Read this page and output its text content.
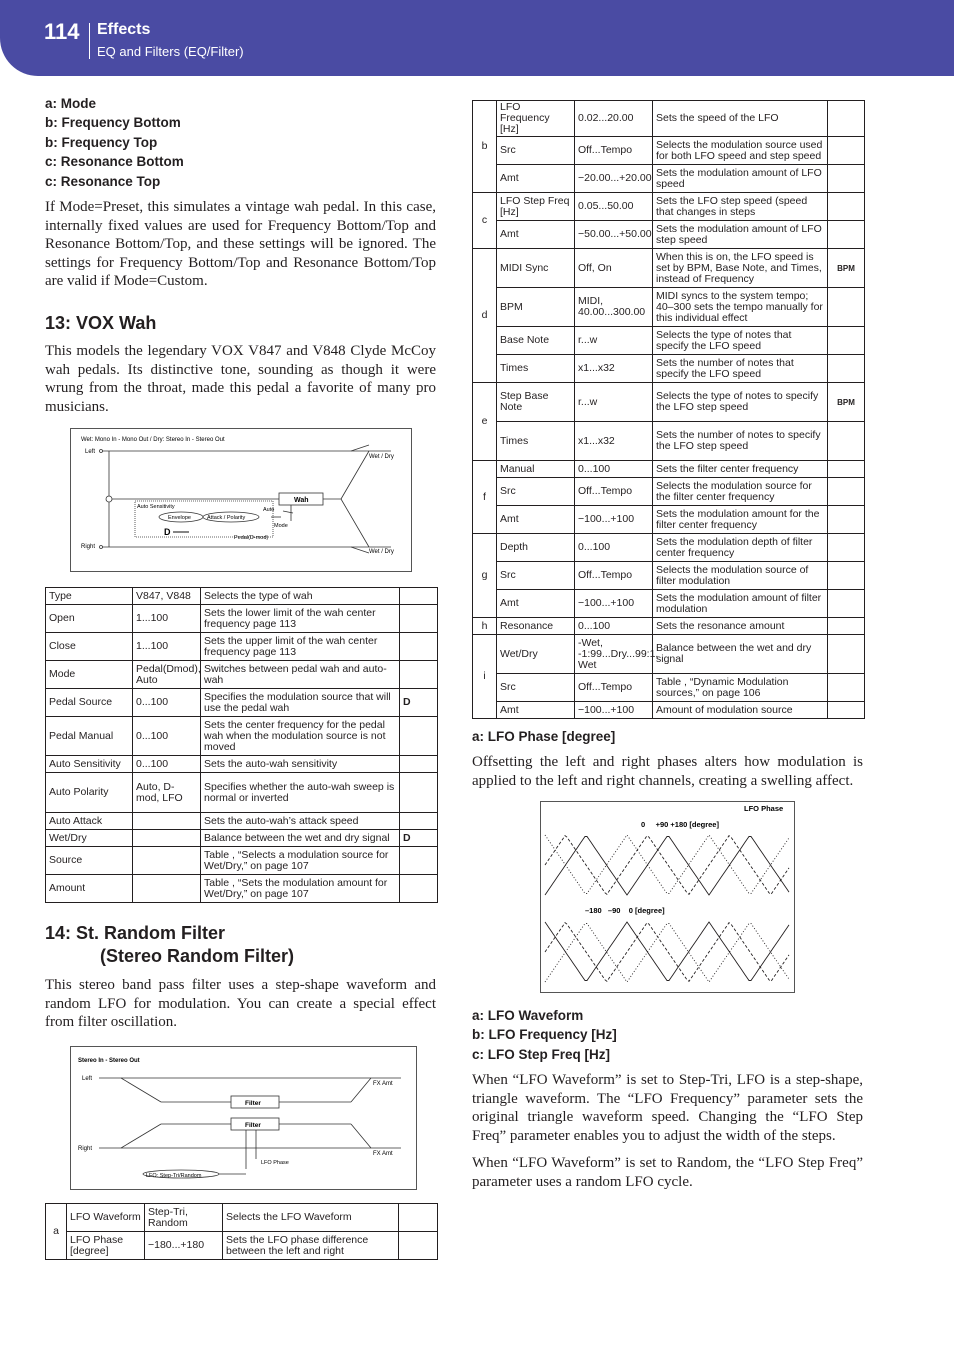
114 Effects
EQ and Filters (EQ/Filter)
a: Mode
b: Frequency Bottom
b: Frequency Top
c: Resonance Bottom
c: Resonance Top

If Mode=Preset, this simulates a vintage wah pedal. In this case, internally fixed values are used for Frequency Bottom/Top and Resonance Bottom/Top, and these settings will be ignored. The settings for Frequency Bottom/Top and Resonance Bottom/Top are valid if Mode=Custom.

13: VOX Wah

This models the legendary VOX V847 and V848 Clyde McCoy wah pedals. Its distinctive tone, sounding as though it were wrung from the throat, made this pedal a favorite of many pro musicians.

Wet: Mono In - Mono Out / Dry: Stereo In - Stereo Out
Left
Right
Wet / Dry
Wet / Dry
Wah
Auto Sensitivity
Envelope	Attack / Polarity
Auto
Mode
Pedal(D-mod)
D
Type	V847, V848	Selects the type of wah	
Open	1...100	Sets the lower limit of the wah center frequency page 113	
Close	1...100	Sets the upper limit of the wah center frequency page 113	
Mode	Pedal(Dmod), Auto	Switches between pedal wah and auto-wah	
Pedal Source	0...100	Specifies the modulation source that will use the pedal wah	D
Pedal Manual	0...100	Sets the center frequency for the pedal wah when the modulation source is not moved	
Auto Sensitivity	0...100	Sets the auto-wah sensitivity	
Auto Polarity	Auto, D-mod, LFO	Specifies whether the auto-wah sweep is normal or inverted	
Auto Attack		Sets the auto-wah’s attack speed	
Wet/Dry		Balance between the wet and dry signal	D
Source		Table , “Selects a modulation source for Wet/Dry,” on page 107	
Amount		Table , “Sets the modulation amount for Wet/Dry,” on page 107	
14: St. Random Filter
(Stereo Random Filter)

This stereo band pass filter uses a step-shape waveform and random LFO for modulation. You can create a special effect from filter oscillation.

Stereo In - Stereo Out
Left
Right
FX Amt
FX Amt
Filter
Filter
LFO Phase
LFO: Step-Tri/Random
a	LFO Waveform	Step-Tri, Random	Selects the LFO Waveform	
	LFO Phase [degree]	−180...+180	Sets the LFO phase difference between the left and right	
b	LFO Frequency [Hz]	0.02...20.00	Sets the speed of the LFO	
	Src	Off...Tempo	Selects the modulation source used for both LFO speed and step speed	
	Amt	−20.00...+20.00	Sets the modulation amount of LFO speed	
c	LFO Step Freq [Hz]	0.05...50.00	Sets the LFO step speed (speed that changes in steps	
	Amt	−50.00...+50.00	Sets the modulation amount of LFO step speed	
d	MIDI Sync	Off, On	When this is on, the LFO speed is set by BPM, Base Note, and Times, instead of Frequency	BPM
	BPM	MIDI, 40.00...300.00	MIDI syncs to the system tempo; 40–300 sets the tempo manually for this individual effect	
	Base Note	r...w	Selects the type of notes that specify the LFO speed	
	Times	x1...x32	Sets the number of notes that specify the LFO speed	
e	Step Base Note	r...w	Selects the type of notes to specify the LFO step speed	BPM
	Times	x1...x32	Sets the number of notes to specify the LFO step speed	
f	Manual	0...100	Sets the filter center frequency	
	Src	Off...Tempo	Selects the modulation source for the filter center frequency	
	Amt	−100...+100	Sets the modulation amount for the filter center frequency	
g	Depth	0...100	Sets the modulation depth of filter center frequency	
	Src	Off...Tempo	Selects the modulation source of filter modulation	
	Amt	−100...+100	Sets the modulation amount of filter modulation	
h	Resonance	0...100	Sets the resonance amount	
i	Wet/Dry	-Wet, -1:99...Dry...99:1, Wet	Balance between the wet and dry signal	
	Src	Off...Tempo	Table , “Dynamic Modulation sources,” on page 106	
	Amt	−100...+100	Amount of modulation source	
a: LFO Phase [degree]

Offsetting the left and right phases alters how modulation is applied to the left and right channels, creating a swelling affect.

LFO Phase
0     +90 +180 [degree]
–180   –90    0 [degree]
a: LFO Waveform
b: LFO Frequency [Hz]
c: LFO Step Freq [Hz]

When “LFO Waveform” is set to Step-Tri, LFO is a step-shape, triangle waveform. The “LFO Frequency” parameter sets the original triangle waveform speed. Changing the “LFO Step Freq” parameter enables you to adjust the width of the steps.

When “LFO Waveform” is set to Random, the “LFO Step Freq” parameter uses a random LFO cycle.
